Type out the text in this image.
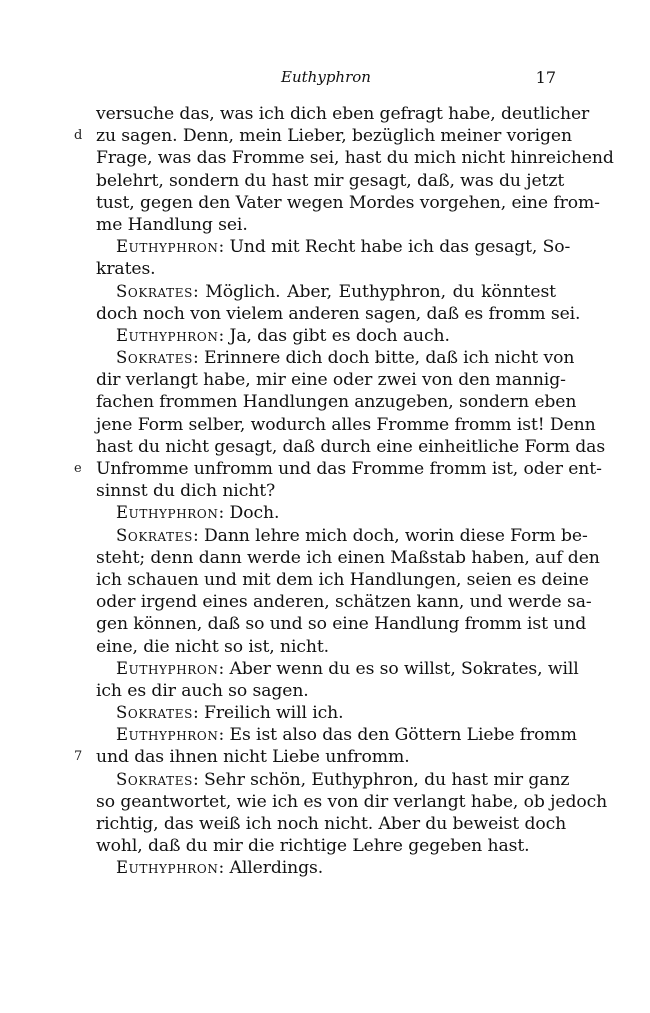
Euthyphron	17
versuche das, was ich dich eben gefragt habe, deutlicher
d zu sagen. Denn, mein Lieber, bezüglich meiner vorigen
Frage, was das Fromme sei, hast du mich nicht hinreichend
belehrt, sondern du hast mir gesagt, daß, was du jetzt
tust, gegen den Vater wegen Mordes vorgehen, eine from-
me Handlung sei.
Euthyphron: Und mit Recht habe ich das gesagt, So-
krates.
Sokrates: Möglich. Aber, Euthyphron, du könntest
doch noch von vielem anderen sagen, daß es fromm sei.
Euthyphron: Ja, das gibt es doch auch.
Sokrates: Erinnere dich doch bitte, daß ich nicht von
dir verlangt habe, mir eine oder zwei von den mannig-
fachen frommen Handlungen anzugeben, sondern eben
jene Form selber, wodurch alles Fromme fromm ist! Denn
hast du nicht gesagt, daß durch eine einheitliche Form das
e Unfromme unfromm und das Fromme fromm ist, oder ent-
sinnst du dich nicht?
Euthyphron: Doch.
Sokrates: Dann lehre mich doch, worin diese Form be-
steht; denn dann werde ich einen Maßstab haben, auf den
ich schauen und mit dem ich Handlungen, seien es deine
oder irgend eines anderen, schätzen kann, und werde sa-
gen können, daß so und so eine Handlung fromm ist und
eine, die nicht so ist, nicht.
Euthyphron: Aber wenn du es so willst, Sokrates, will
ich es dir auch so sagen.
Sokrates: Freilich will ich.
Euthyphron: Es ist also das den Göttern Liebe fromm
7 und das ihnen nicht Liebe unfromm.
Sokrates: Sehr schön, Euthyphron, du hast mir ganz
so geantwortet, wie ich es von dir verlangt habe, ob jedoch
richtig, das weiß ich noch nicht. Aber du beweist doch
wohl, daß du mir die richtige Lehre gegeben hast.
Euthyphron: Allerdings.
